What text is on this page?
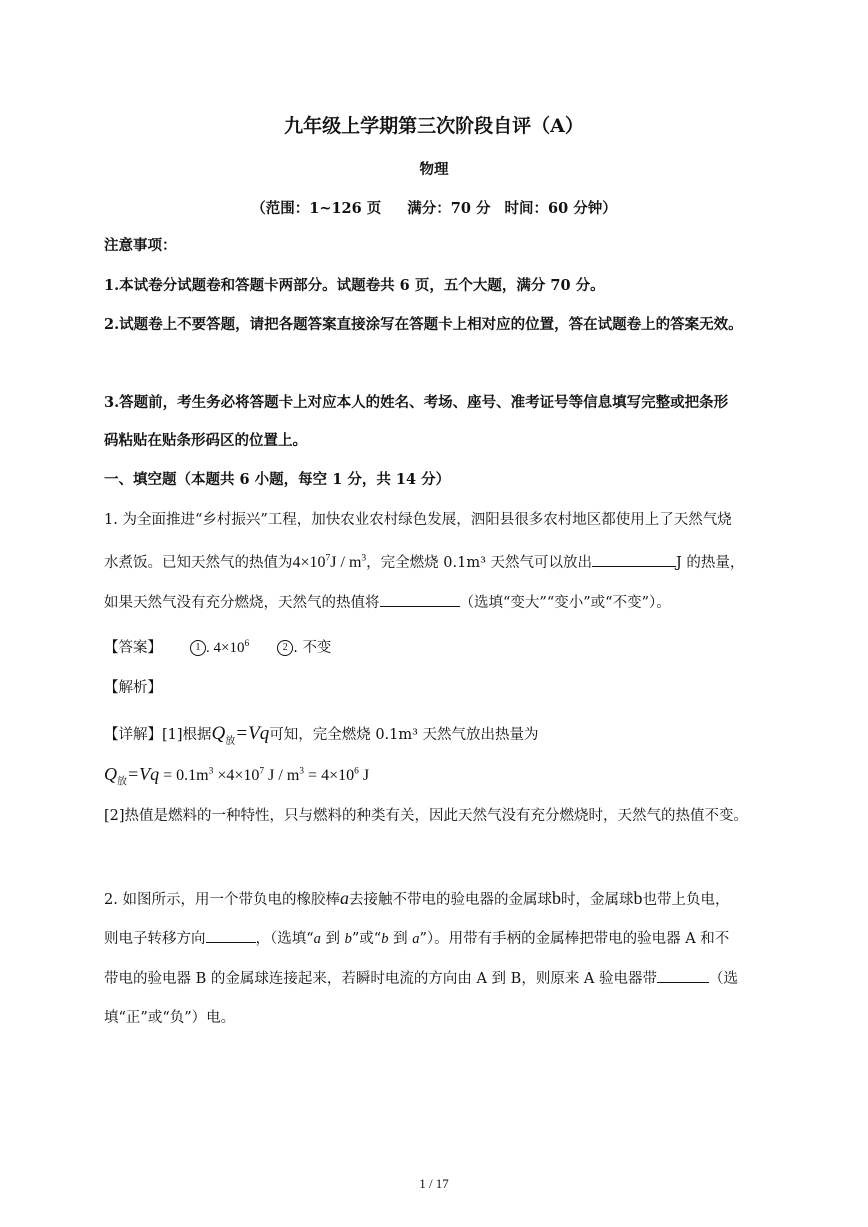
九年级上学期第三次阶段自评（A）
物理
（范围：1~126 页 满分：70 分 时间：60 分钟）
注意事项：
1.本试卷分试题卷和答题卡两部分。试题卷共 6 页，五个大题，满分 70 分。
2.试题卷上不要答题，请把各题答案直接涂写在答题卡上相对应的位置，答在试题卷上的答案无效。
3.答题前，考生务必将答题卡上对应本人的姓名、考场、座号、准考证号等信息填写完整或把条形
码粘贴在贴条形码区的位置上。
一、填空题（本题共 6 小题，每空 1 分，共 14 分）
1. 为全面推进“乡村振兴”工程，加快农业农村绿色发展，泗阳县很多农村地区都使用上了天然气烧
水煮饭。已知天然气的热值为$4\times 10^7J / m^3$，完全燃烧 0.1m³ 天然气可以放出	J 的热量，
如果天然气没有充分燃烧，天然气的热值将	（选填“变大”“变小”或“不变”）。
【答案】	1 . $4\times 10^6$	2 . 不变
【解析】
【详解】[1]根据$Q_放=Vq$可知，完全燃烧 0.1m³ 天然气放出热量为
$Q_放=Vq = 0.1m^3 \times 4\times 10^7$ $J / m^3 = 4\times 10^6$ J
[2]热值是燃料的一种特性，只与燃料的种类有关，因此天然气没有充分燃烧时，天然气的热值不变。
2. 如图所示，用一个带负电的橡胶棒a去接触不带电的验电器的金属球b时，金属球b也带上负电，
则电子转移方向	，（选填“a 到 b”或“b 到 a”）。用带有手柄的金属棒把带电的验电器 A 和不
带电的验电器 B 的金属球连接起来，若瞬时电流的方向由 A 到 B，则原来 A 验电器带	（选
填“正”或“负”）电。
1 / 17
